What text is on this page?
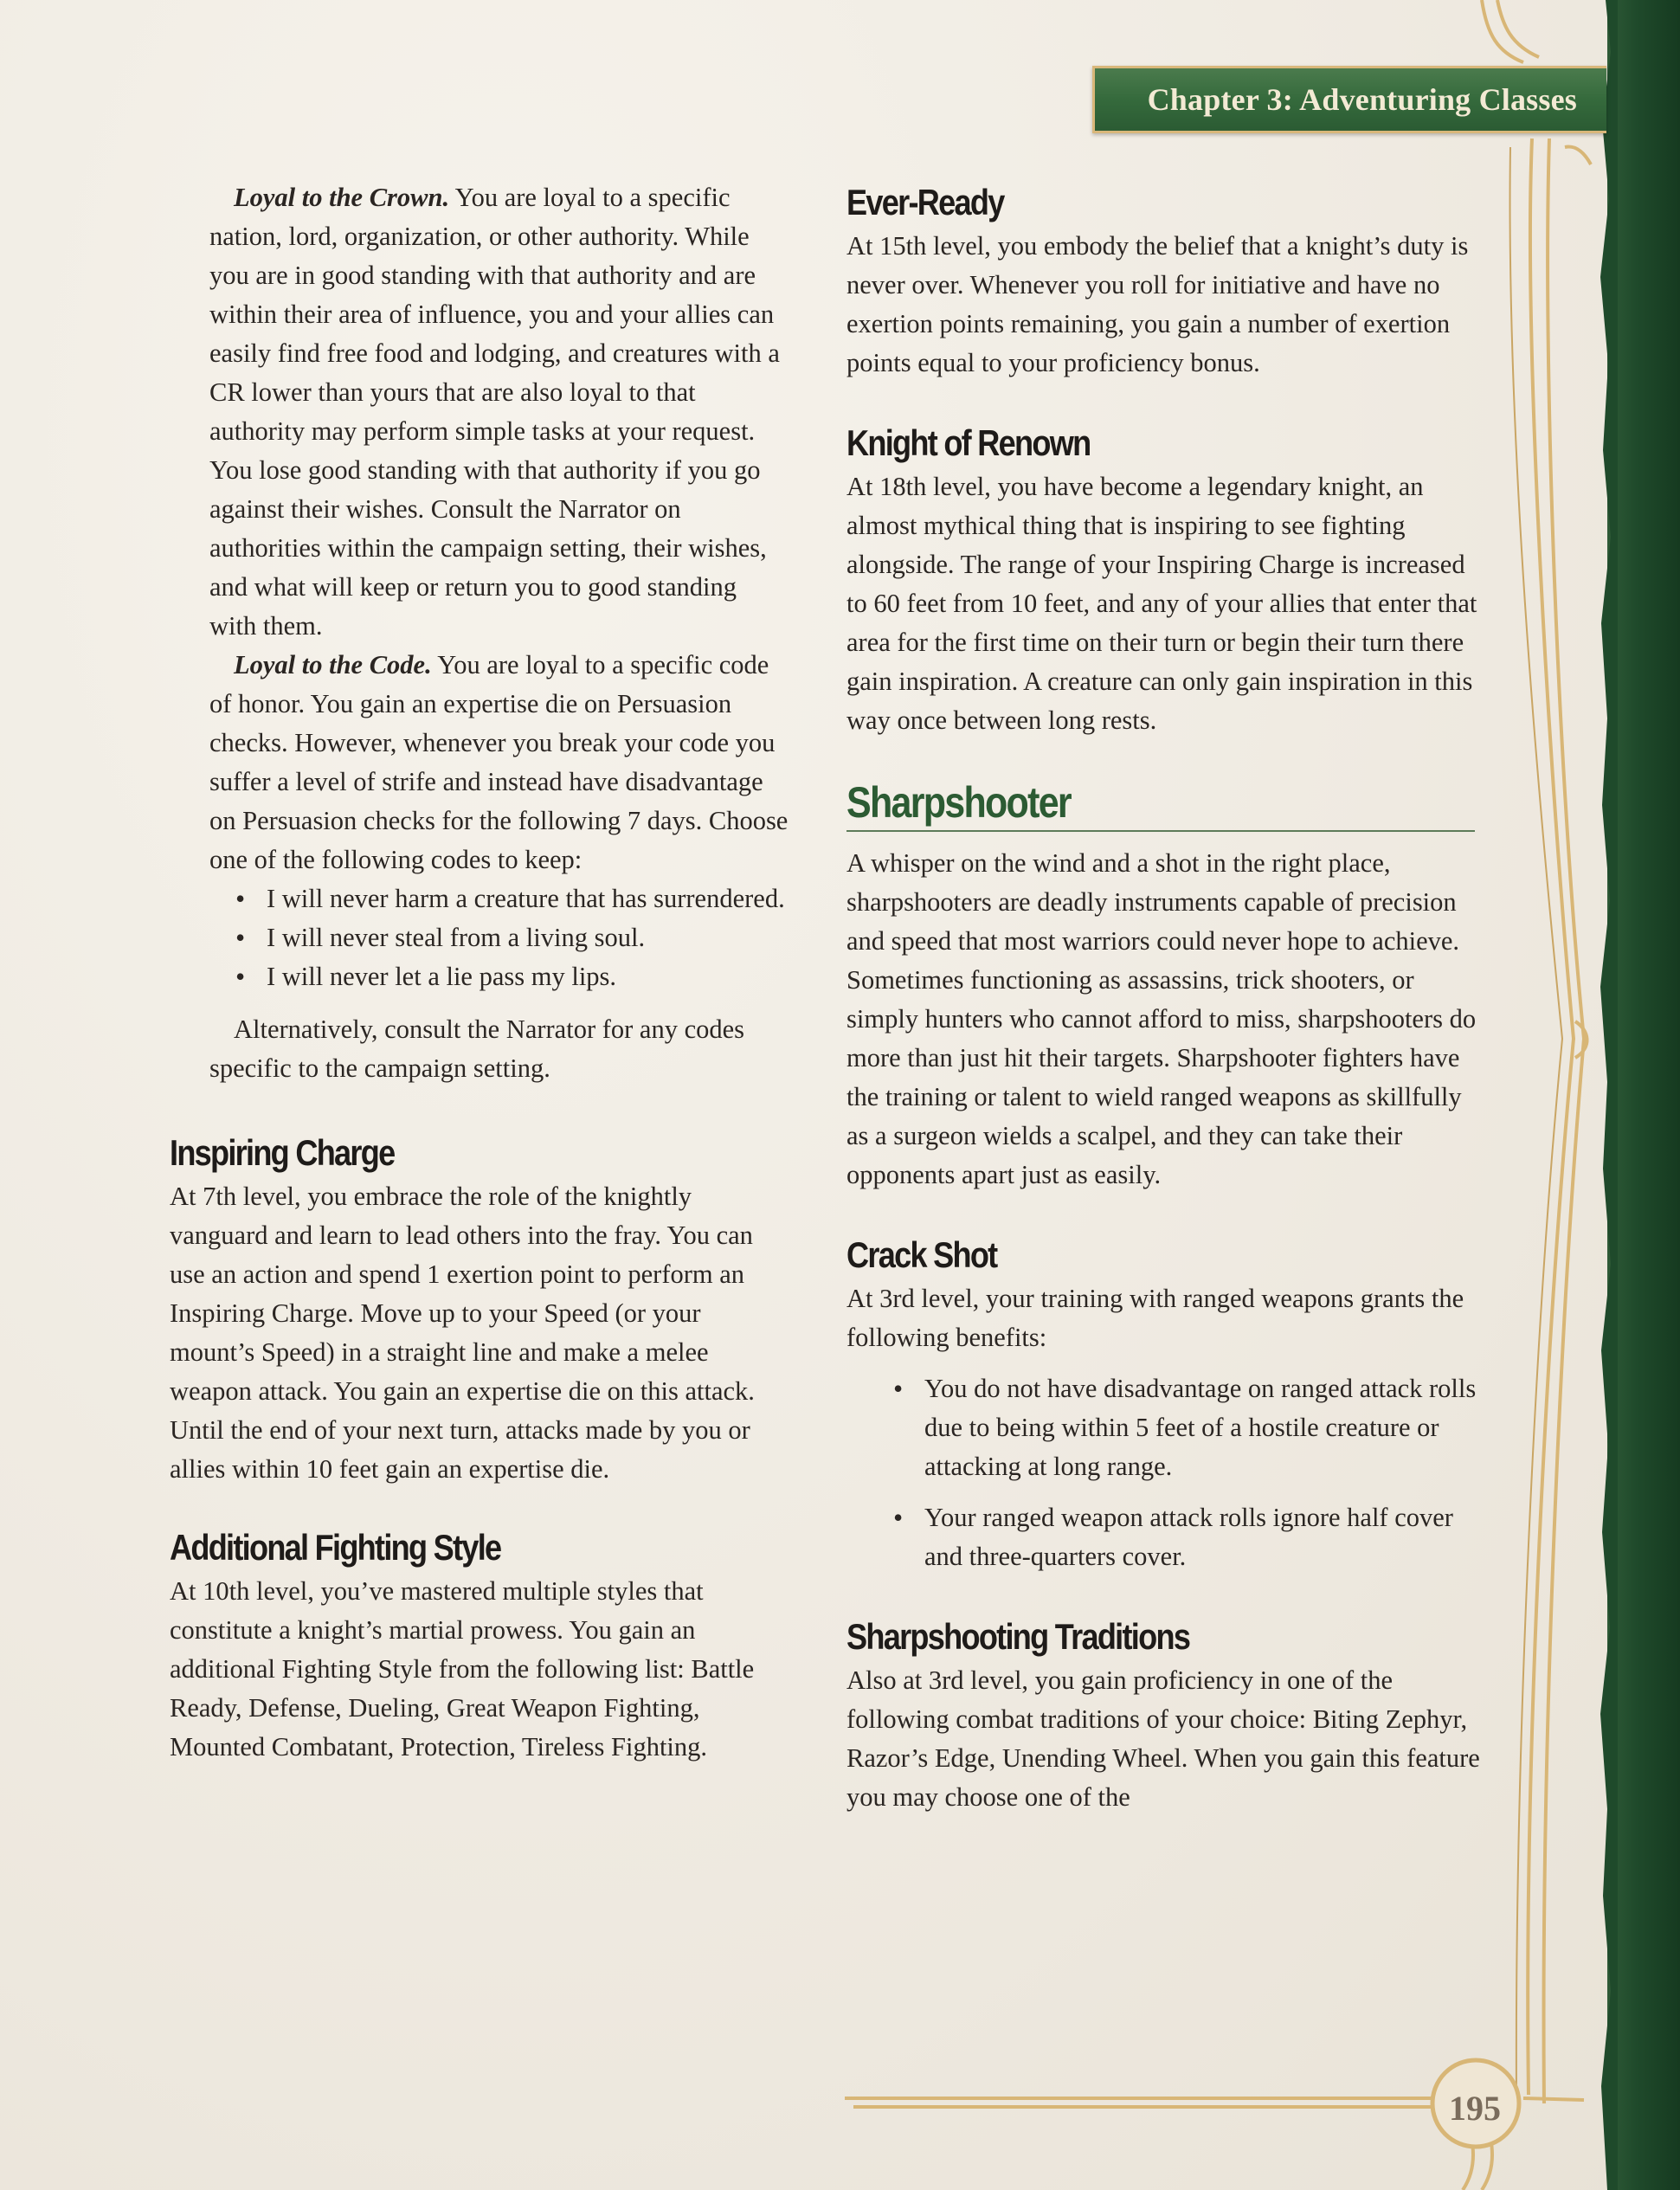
Chapter 3: Adventuring Classes

Loyal to the Crown. You are loyal to a specific nation, lord, organization, or other authority. While you are in good standing with that authority and are within their area of influence, you and your allies can easily find free food and lodging, and creatures with a CR lower than yours that are also loyal to that authority may perform simple tasks at your request. You lose good standing with that authority if you go against their wishes. Consult the Narrator on authorities within the campaign setting, their wishes, and what will keep or return you to good standing with them.

Loyal to the Code. You are loyal to a specific code of honor. You gain an expertise die on Persuasion checks. However, whenever you break your code you suffer a level of strife and instead have disadvantage on Persuasion checks for the following 7 days. Choose one of the following codes to keep:

• I will never harm a creature that has surrendered.
• I will never steal from a living soul.
• I will never let a lie pass my lips.

Alternatively, consult the Narrator for any codes specific to the campaign setting.

Inspiring Charge

At 7th level, you embrace the role of the knightly vanguard and learn to lead others into the fray. You can use an action and spend 1 exertion point to perform an Inspiring Charge. Move up to your Speed (or your mount’s Speed) in a straight line and make a melee weapon attack. You gain an expertise die on this attack. Until the end of your next turn, attacks made by you or allies within 10 feet gain an expertise die.

Additional Fighting Style

At 10th level, you’ve mastered multiple styles that constitute a knight’s martial prowess. You gain an additional Fighting Style from the following list: Battle Ready, Defense, Dueling, Great Weapon Fighting, Mounted Combatant, Protection, Tireless Fighting.

Ever-Ready

At 15th level, you embody the belief that a knight’s duty is never over. Whenever you roll for initiative and have no exertion points remaining, you gain a number of exertion points equal to your proficiency bonus.

Knight of Renown

At 18th level, you have become a legendary knight, an almost mythical thing that is inspiring to see fighting alongside. The range of your Inspiring Charge is increased to 60 feet from 10 feet, and any of your allies that enter that area for the first time on their turn or begin their turn there gain inspiration. A creature can only gain inspiration in this way once between long rests.

Sharpshooter

A whisper on the wind and a shot in the right place, sharpshooters are deadly instruments capable of precision and speed that most warriors could never hope to achieve. Sometimes functioning as assassins, trick shooters, or simply hunters who cannot afford to miss, sharpshooters do more than just hit their targets. Sharpshooter fighters have the training or talent to wield ranged weapons as skillfully as a surgeon wields a scalpel, and they can take their opponents apart just as easily.

Crack Shot

At 3rd level, your training with ranged weapons grants the following benefits:

• You do not have disadvantage on ranged attack rolls due to being within 5 feet of a hostile creature or attacking at long range.
• Your ranged weapon attack rolls ignore half cover and three-quarters cover.
Sharpshooting Traditions

Also at 3rd level, you gain proficiency in one of the following combat traditions of your choice: Biting Zephyr, Razor’s Edge, Unending Wheel. When you gain this feature you may choose one of the

195
